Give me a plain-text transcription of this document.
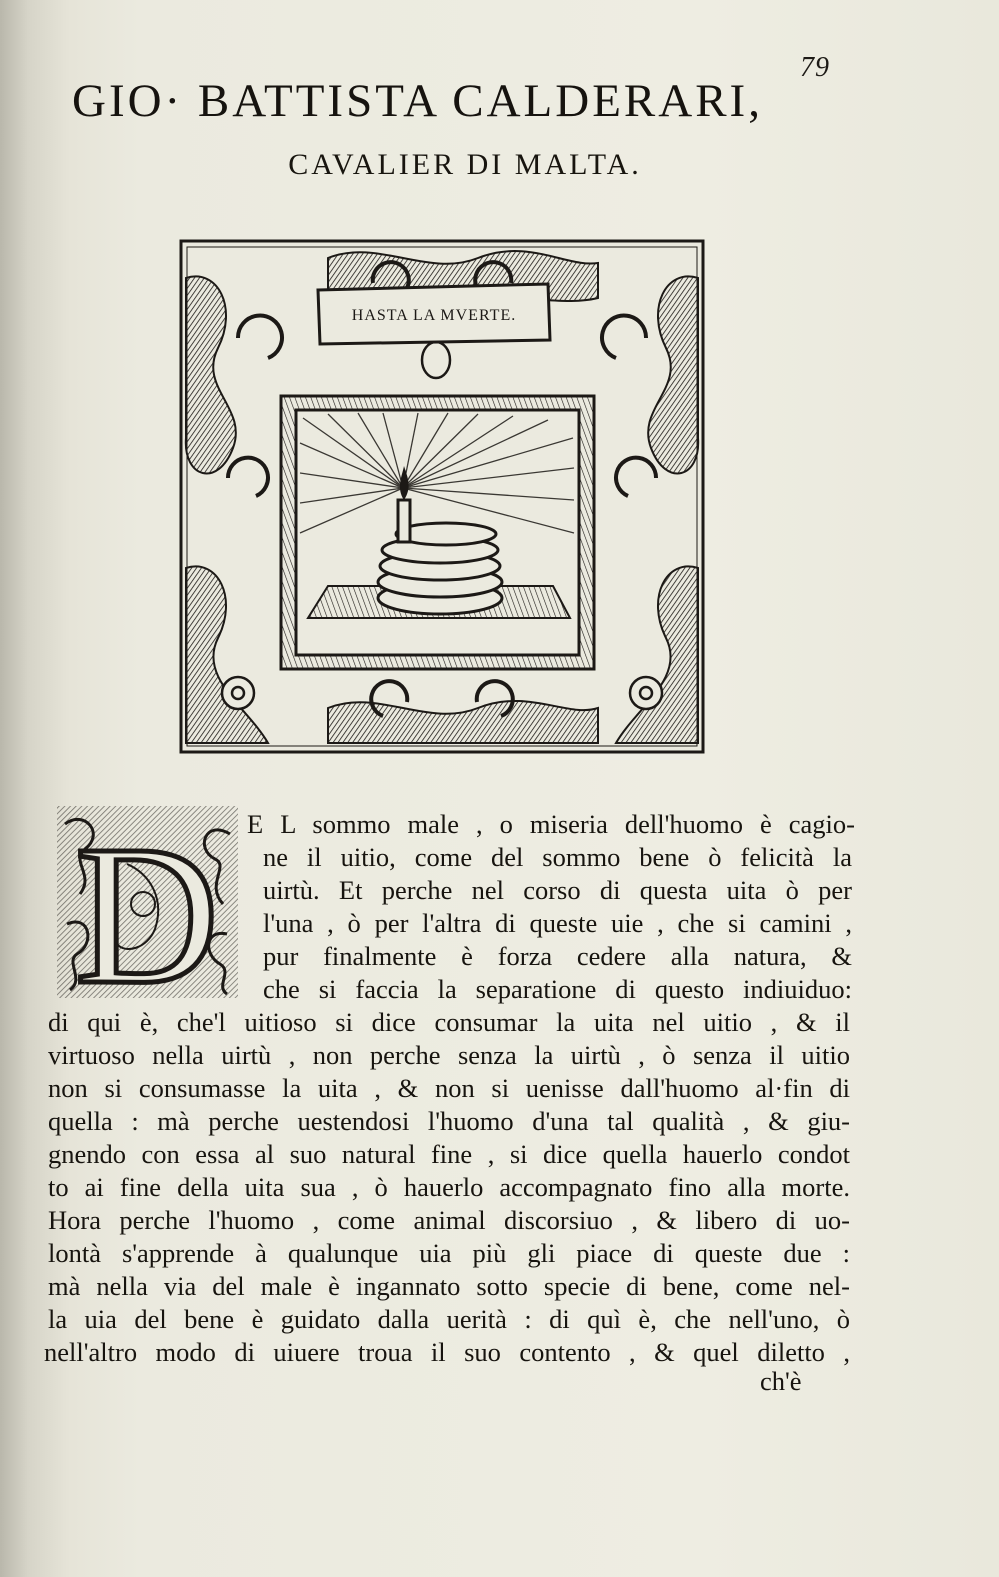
79
GIO· BATTISTA CALDERARI,
CAVALIER DI MALTA.
HASTA LA MVERTE.
D E L sommo male , o miseria dell'huomo è cagio-
ne il uitio, come del sommo bene ò felicità la
uirtù. Et perche nel corso di questa uita ò per
l'una , ò per l'altra di queste uie , che si camini ,
pur finalmente è forza cedere alla natura, &
che si faccia la separatione di questo indiuiduo:
di qui è, che'l uitioso si dice consumar la uita nel uitio , & il
virtuoso nella uirtù , non perche senza la uirtù , ò senza il uitio
non si consumasse la uita , & non si uenisse dall'huomo al·fin di
quella : mà perche uestendosi l'huomo d'una tal qualità , & giu-
gnendo con essa al suo natural fine , si dice quella hauerlo condot
to ai fine della uita sua , ò hauerlo accompagnato fino alla morte.
Hora perche l'huomo , come animal discorsiuo , & libero di uo-
lontà s'apprende à qualunque uia più gli piace di queste due :
mà nella via del male è ingannato sotto specie di bene, come nel-
la uia del bene è guidato dalla uerità : di quì è, che nell'uno, ò
nell'altro modo di uiuere troua il suo contento , & quel diletto ,
ch'è
